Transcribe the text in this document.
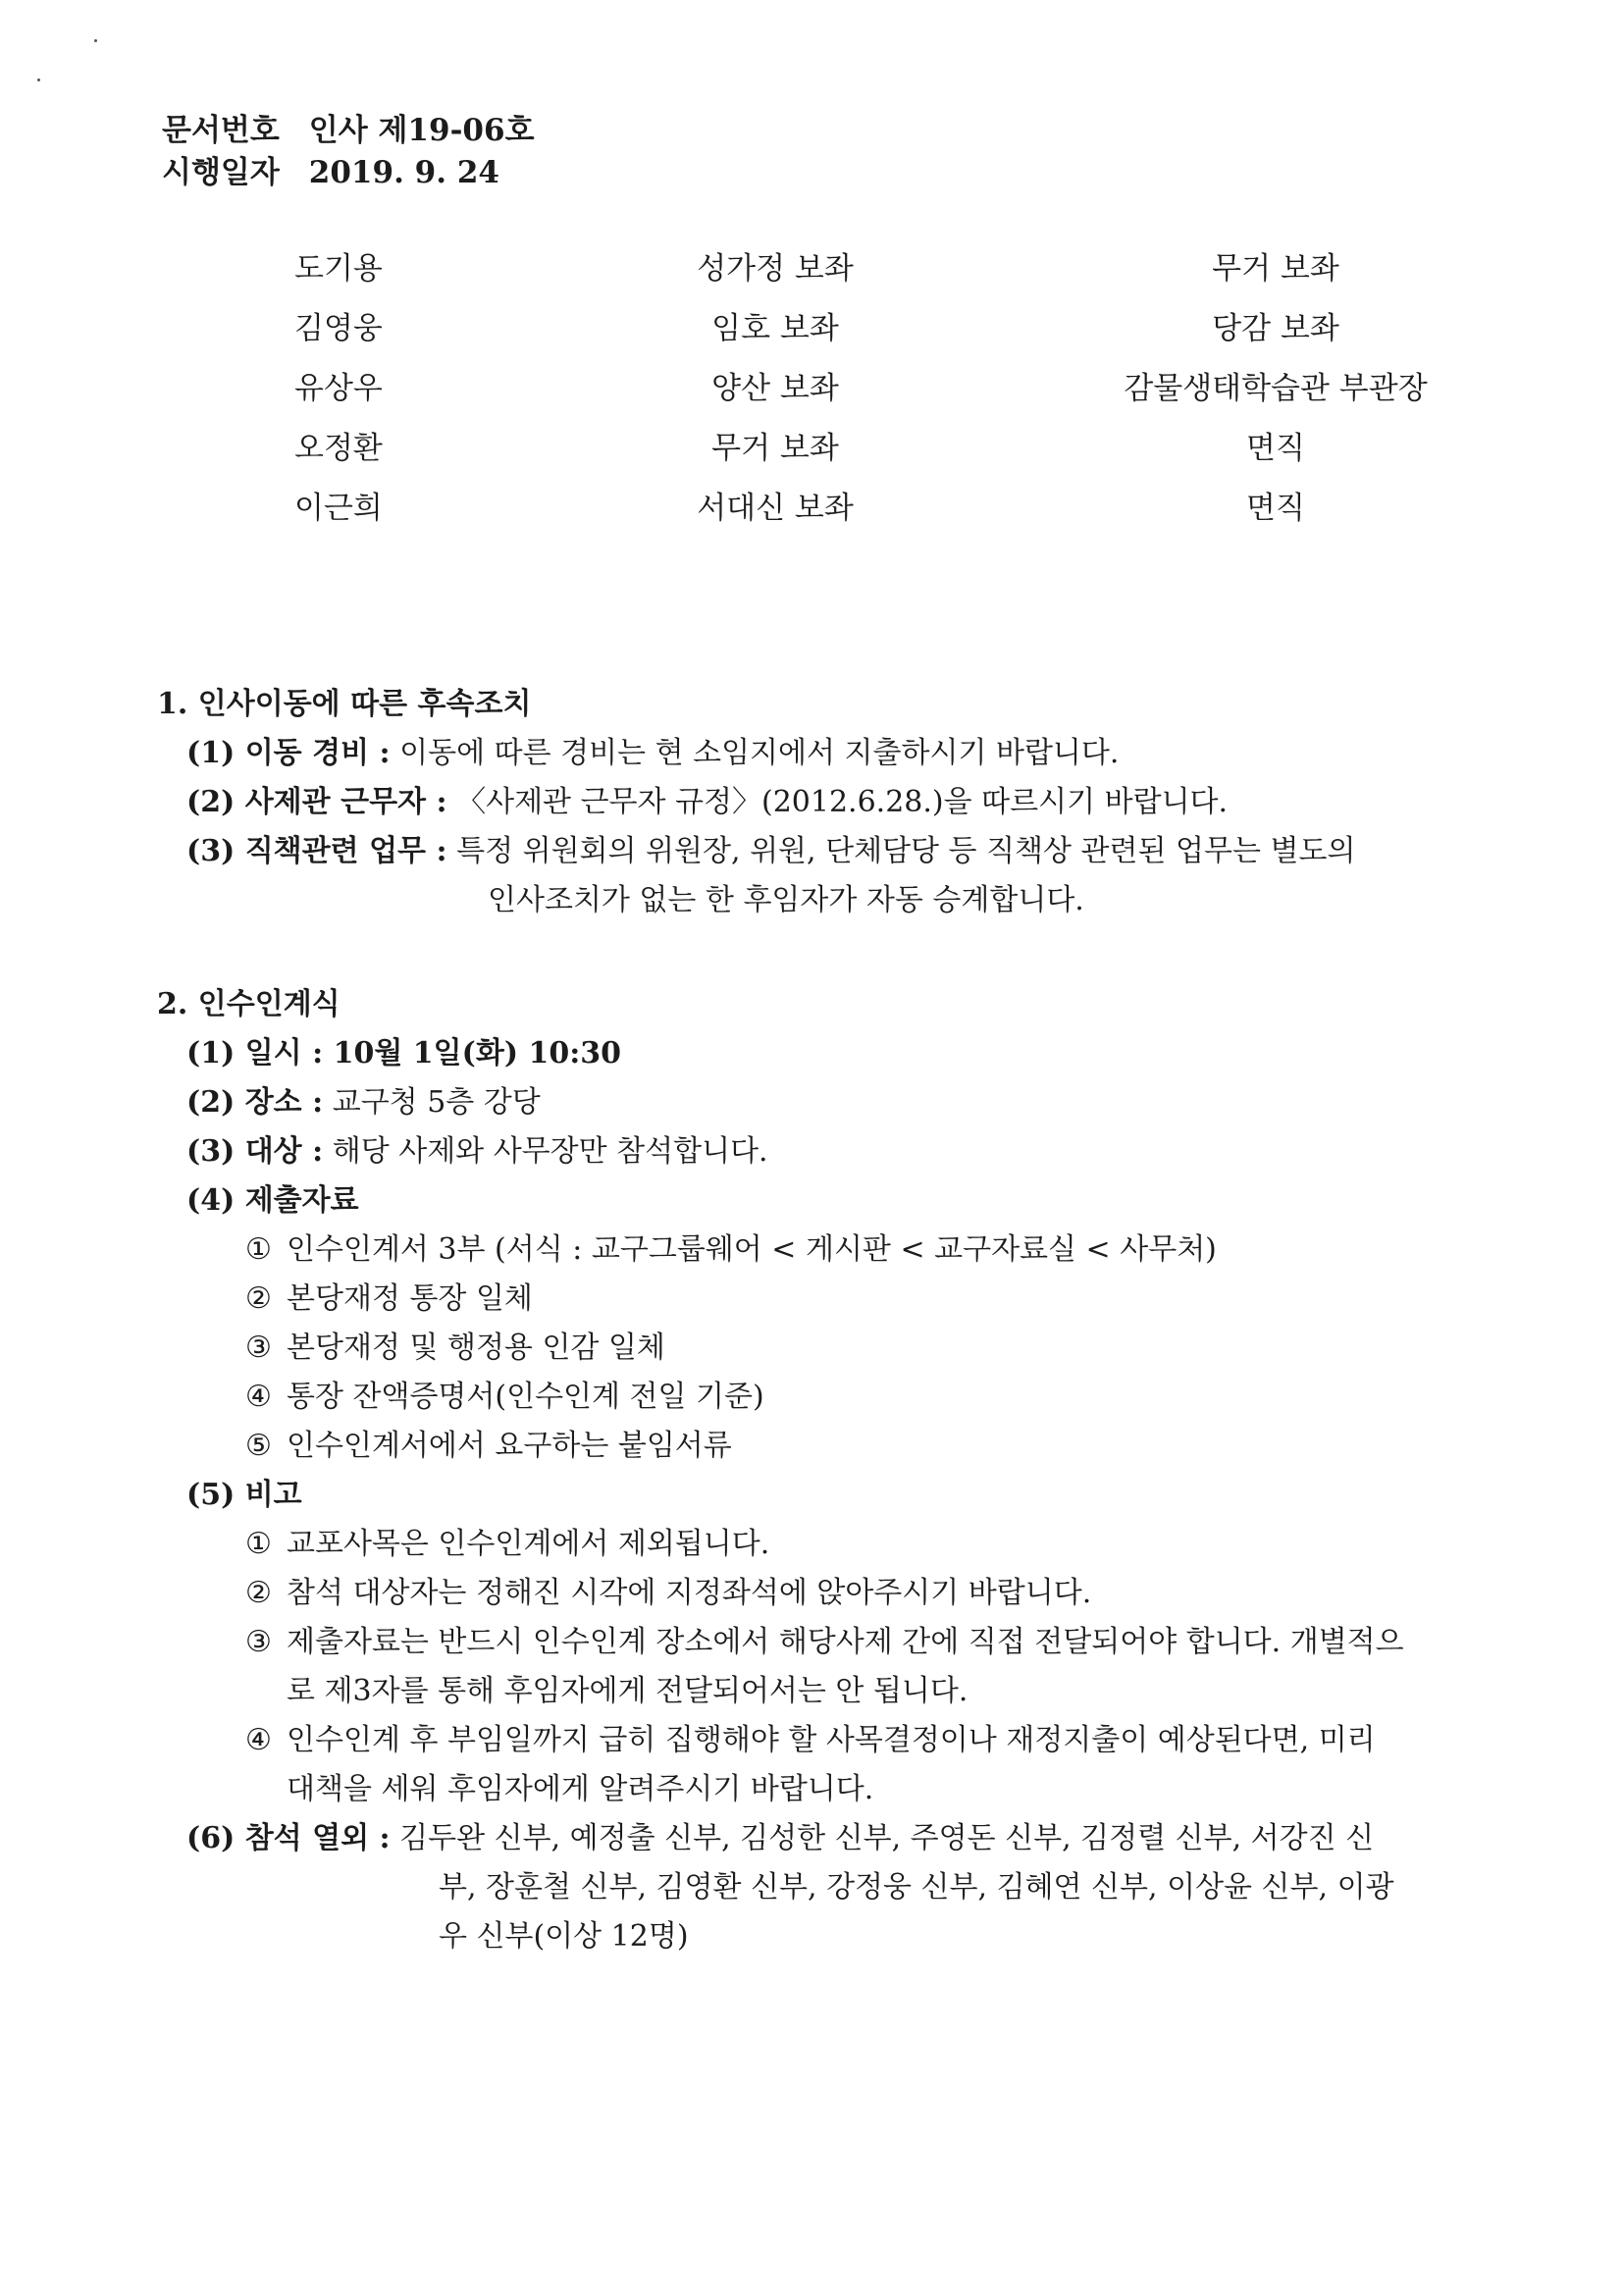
문서번호 인사 제19-06호
시행일자 2019. 9. 24
도기용	성가정 보좌	무거 보좌
김영웅	임호 보좌	당감 보좌
유상우	양산 보좌	감물생태학습관 부관장
오정환	무거 보좌	면직
이근희	서대신 보좌	면직
1. 인사이동에 따른 후속조치
(1) 이동 경비 : 이동에 따른 경비는 현 소임지에서 지출하시기 바랍니다.
(2) 사제관 근무자 : 〈사제관 근무자 규정〉(2012.6.28.)을 따르시기 바랍니다.
(3) 직책관련 업무 : 특정 위원회의 위원장, 위원, 단체담당 등 직책상 관련된 업무는 별도의
인사조치가 없는 한 후임자가 자동 승계합니다.
2. 인수인계식
(1) 일시 : 10월 1일(화) 10:30
(2) 장소 : 교구청 5층 강당
(3) 대상 : 해당 사제와 사무장만 참석합니다.
(4) 제출자료
① 인수인계서 3부 (서식 : 교구그룹웨어 < 게시판 < 교구자료실 < 사무처)
② 본당재정 통장 일체
③ 본당재정 및 행정용 인감 일체
④ 통장 잔액증명서(인수인계 전일 기준)
⑤ 인수인계서에서 요구하는 붙임서류
(5) 비고
① 교포사목은 인수인계에서 제외됩니다.
② 참석 대상자는 정해진 시각에 지정좌석에 앉아주시기 바랍니다.
③ 제출자료는 반드시 인수인계 장소에서 해당사제 간에 직접 전달되어야 합니다. 개별적으
로 제3자를 통해 후임자에게 전달되어서는 안 됩니다.
④ 인수인계 후 부임일까지 급히 집행해야 할 사목결정이나 재정지출이 예상된다면, 미리
대책을 세워 후임자에게 알려주시기 바랍니다.
(6) 참석 열외 : 김두완 신부, 예정출 신부, 김성한 신부, 주영돈 신부, 김정렬 신부, 서강진 신
부, 장훈철 신부, 김영환 신부, 강정웅 신부, 김혜연 신부, 이상윤 신부, 이광
우 신부(이상 12명)
